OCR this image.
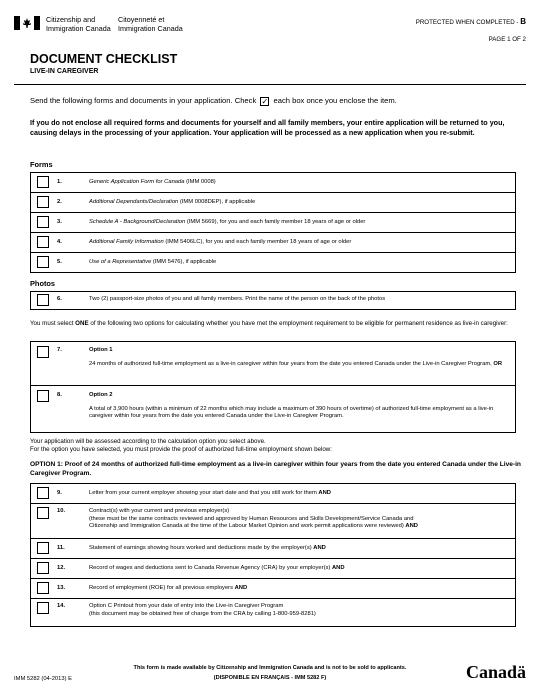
Citizenship and
Immigration Canada
Citoyenneté et
Immigration Canada
PROTECTED WHEN COMPLETED - B
PAGE 1 OF 2
DOCUMENT CHECKLIST
LIVE-IN CAREGIVER
Send the following forms and documents in your application. Check ✓ each box once you enclose the item.
If you do not enclose all required forms and documents for yourself and all family members, your entire application will be returned to you, causing delays in the processing of your application. Your application will be processed as a new application when you re-submit.
Forms
1.	Generic Application Form for Canada (IMM 0008)
2.	Additional Dependants/Declaration (IMM 0008DEP), if applicable
3.	Schedule A - Background/Declaration (IMM 5669), for you and each family member 18 years of age or older
4.	Additional Family Information (IMM 5406LC), for you and each family member 18 years of age or older
5.	Use of a Representative (IMM 5476), if applicable
Photos
6.	Two (2) passport-size photos of you and all family members. Print the name of the person on the back of the photos
You must select ONE of the following two options for calculating whether you have met the employment requirement to be eligible for permanent residence as live-in caregiver:
7.	Option 1
24 months of authorized full-time employment as a live-in caregiver within four years from the date you entered Canada under the Live-in Caregiver Program, OR
8.	Option 2
A total of 3,900 hours (within a minimum of 22 months which may include a maximum of 390 hours of overtime) of authorized full-time employment as a live-in caregiver within four years from the date you entered Canada under the Live-in Caregiver Program.
Your application will be assessed according to the calculation option you select above.
For the option you have selected, you must provide the proof of authorized full-time employment shown below:
OPTION 1: Proof of 24 months of authorized full-time employment as a live-in caregiver within four years from the date you entered Canada under the Live-in Caregiver Program.
9.	Letter from your current employer showing your start date and that you still work for them AND
10.	Contract(s) with your current and previous employer(s)
(these must be the same contracts reviewed and approved by Human Resources and Skills Development/Service Canada and
Citizenship and Immigration Canada at the time of the Labour Market Opinion and work permit applications were reviewed) AND
11.	Statement of earnings showing hours worked and deductions made by the employer(s) AND
12.	Record of wages and deductions sent to Canada Revenue Agency (CRA) by your employer(s) AND
13.	Record of employment (ROE) for all previous employers AND
14.	Option C Printout from your date of entry into the Live-in Caregiver Program
(this document may be obtained free of charge from the CRA by calling 1-800-959-8281)
This form is made available by Citizenship and Immigration Canada and is not to be sold to applicants.
(DISPONIBLE EN FRANÇAIS - IMM 5282 F)
IMM 5282 (04-2013) E	Canadä
